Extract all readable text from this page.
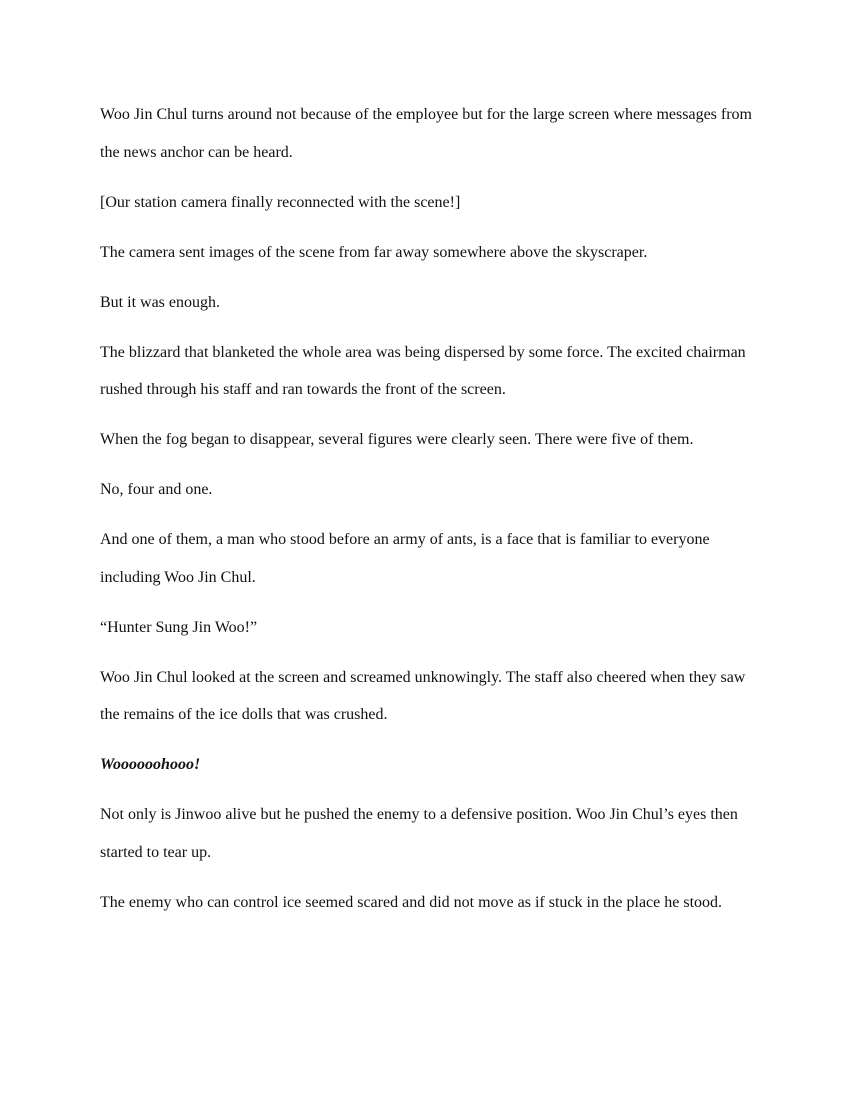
Woo Jin Chul turns around not because of the employee but for the large screen where messages from the news anchor can be heard.

[Our station camera finally reconnected with the scene!]

The camera sent images of the scene from far away somewhere above the skyscraper.

But it was enough.

The blizzard that blanketed the whole area was being dispersed by some force. The excited chairman rushed through his staff and ran towards the front of the screen.

When the fog began to disappear, several figures were clearly seen. There were five of them.

No, four and one.

And one of them, a man who stood before an army of ants, is a face that is familiar to everyone including Woo Jin Chul.

“Hunter Sung Jin Woo!”

Woo Jin Chul looked at the screen and screamed unknowingly. The staff also cheered when they saw the remains of the ice dolls that was crushed.

Woooooohooo!

Not only is Jinwoo alive but he pushed the enemy to a defensive position. Woo Jin Chul’s eyes then started to tear up.

The enemy who can control ice seemed scared and did not move as if stuck in the place he stood.
